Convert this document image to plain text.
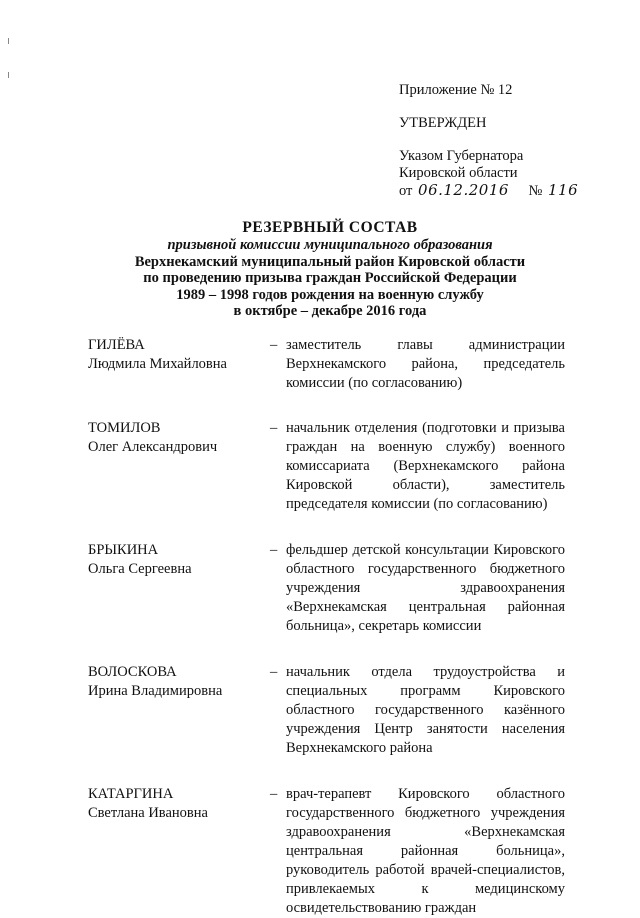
Приложение № 12
УТВЕРЖДЕН
Указом Губернатора
Кировской области
от 06.12.2016 № 116
РЕЗЕРВНЫЙ СОСТАВ
призывной комиссии муниципального образования
Верхнекамский муниципальный район Кировской области
по проведению призыва граждан Российской Федерации
1989 – 1998 годов рождения на военную службу
в октябре – декабре 2016 года
ГИЛЁВА
Людмила Михайловна
– заместитель главы администрации Верхнекамского района, председатель комиссии (по согласованию)
ТОМИЛОВ
Олег Александрович
– начальник отделения (подготовки и призыва граждан на военную службу) военного комиссариата (Верхнекамского района Кировской области), заместитель председателя комиссии (по согласованию)
БРЫКИНА
Ольга Сергеевна
– фельдшер детской консультации Кировского областного государственного бюджетного учреждения здравоохранения «Верхнекамская центральная районная больница», секретарь комиссии
ВОЛОСКОВА
Ирина Владимировна
– начальник отдела трудоустройства и специальных программ Кировского областного государственного казённого учреждения Центр занятости населения Верхнекамского района
КАТАРГИНА
Светлана Ивановна
– врач-терапевт Кировского областного государственного бюджетного учреждения здравоохранения «Верхнекамская центральная районная больница», руководитель работой врачей-специалистов, привлекаемых к медицинскому освидетельствованию граждан
